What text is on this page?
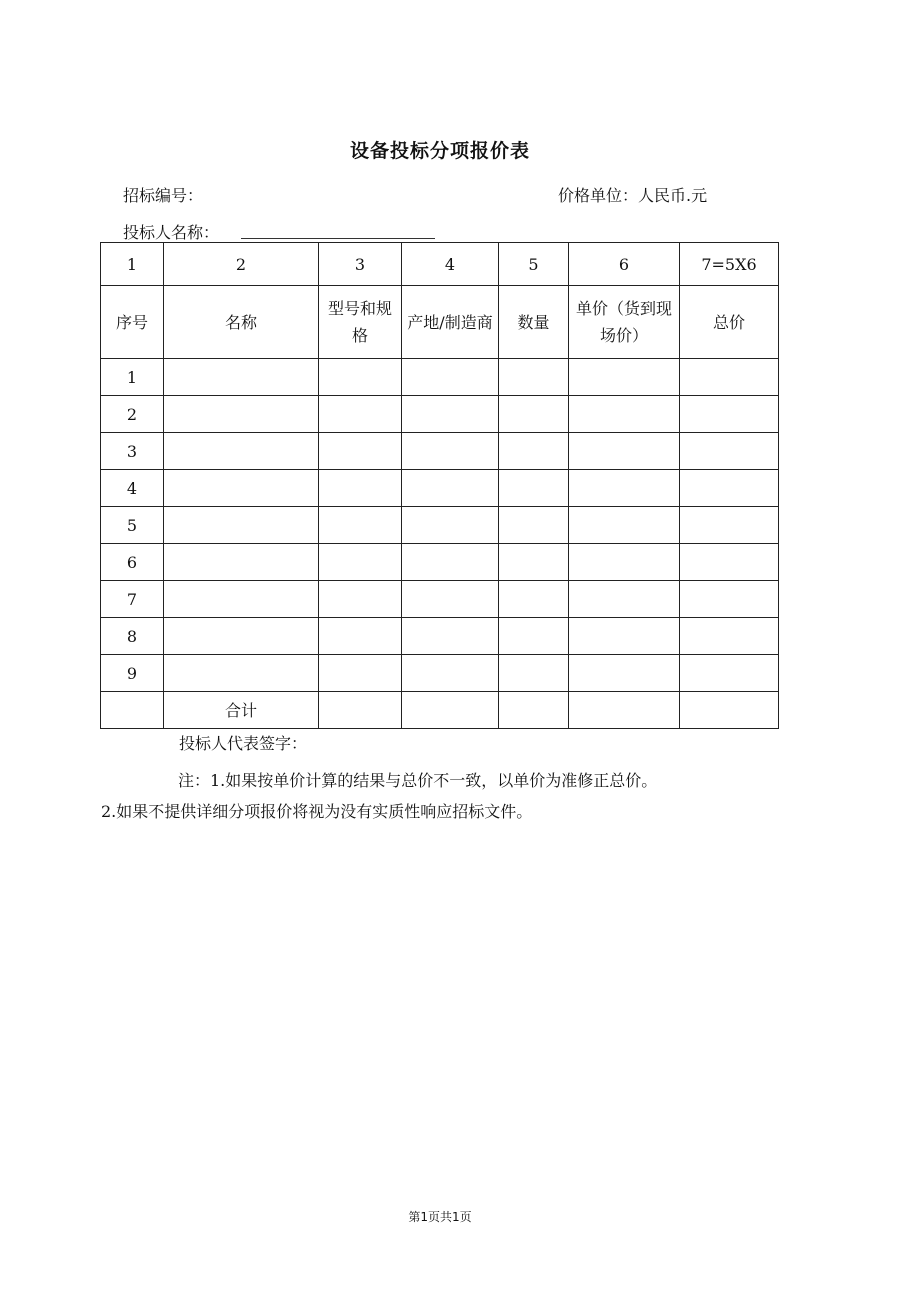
设备投标分项报价表
招标编号：	价格单位：人民币.元
投标人名称：
1	2	3	4	5	6	7=5X6
序号	名称	型号和规格	产地/制造商	数量	单价（货到现场价）	总价
1						
2						
3						
4						
5						
6						
7						
8						
9						
	合计					
投标人代表签字：
注：1.如果按单价计算的结果与总价不一致，以单价为准修正总价。
2.如果不提供详细分项报价将视为没有实质性响应招标文件。
第1页共1页
